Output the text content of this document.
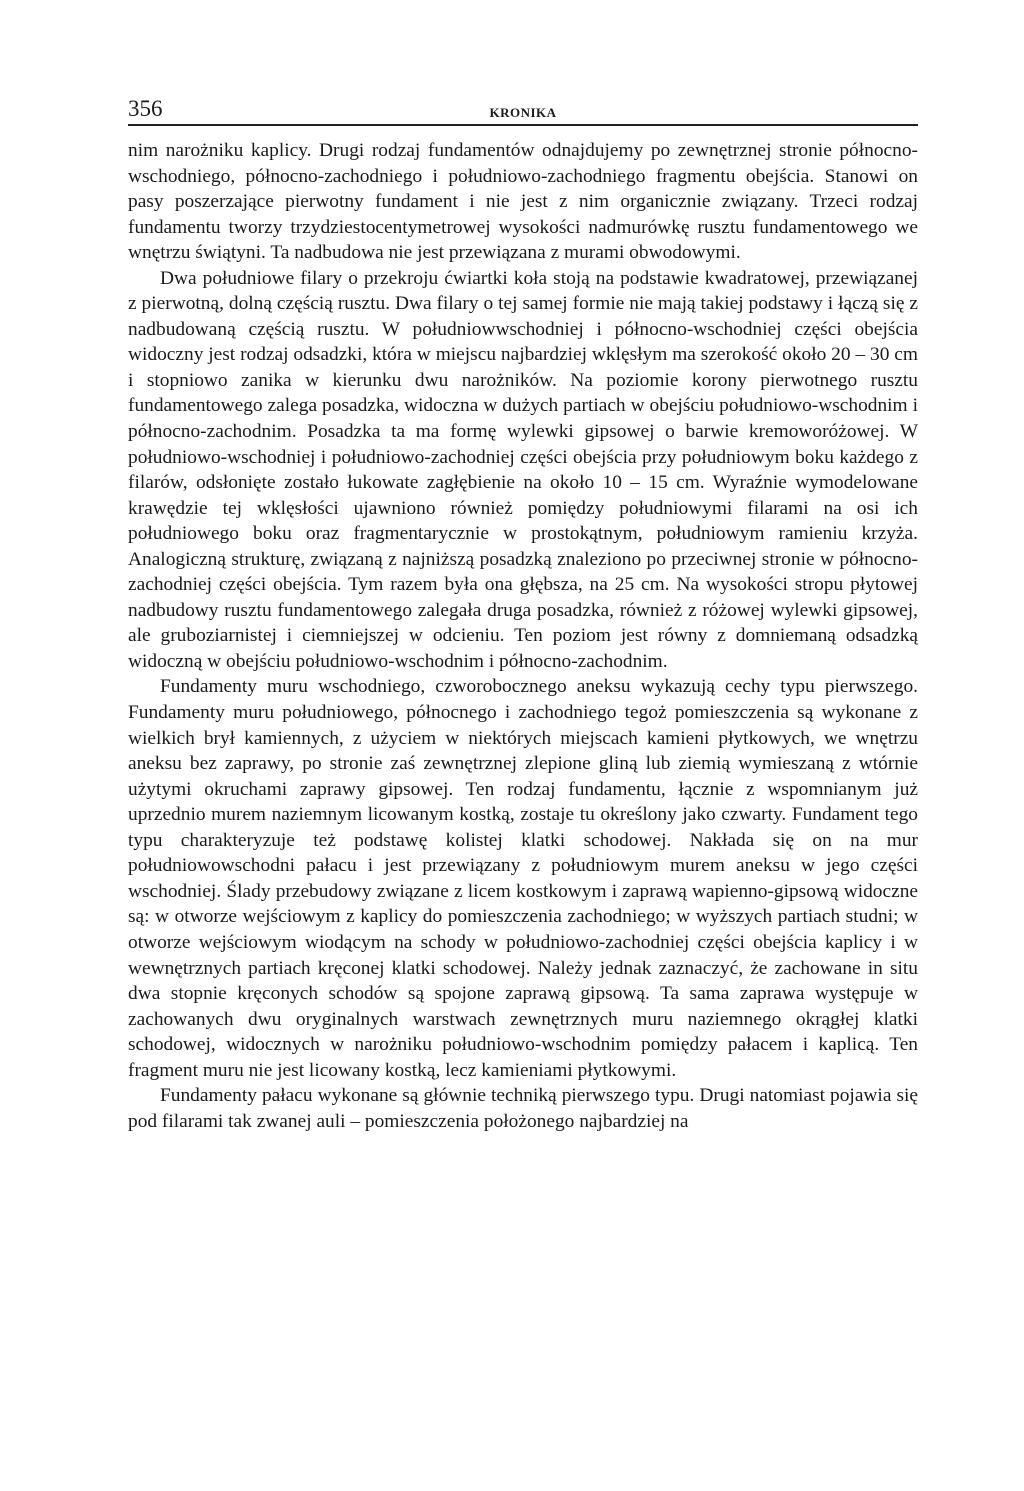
356	KRONIKA

nim narożniku kaplicy. Drugi rodzaj fundamentów odnajdujemy po zewnętrznej stronie północno-wschodniego, północno-zachodniego i południowo-zachodniego fragmentu obejścia. Stanowi on pasy poszerzające pierwotny fundament i nie jest z nim organicznie związany. Trzeci rodzaj fundamentu tworzy trzydziestocentymetrowej wysokości nadmurówkę rusztu fundamentowego we wnętrzu świątyni. Ta nadbudowa nie jest przewiązana z murami obwodowymi.

Dwa południowe filary o przekroju ćwiartki koła stoją na podstawie kwadratowej, przewiązanej z pierwotną, dolną częścią rusztu. Dwa filary o tej samej formie nie mają takiej podstawy i łączą się z nadbudowaną częścią rusztu. W południowwschodniej i północno-wschodniej części obejścia widoczny jest rodzaj odsadzki, która w miejscu najbardziej wklęsłym ma szerokość około 20 – 30 cm i stopniowo zanika w kierunku dwu narożników. Na poziomie korony pierwotnego rusztu fundamentowego zalega posadzka, widoczna w dużych partiach w obejściu południowo-wschodnim i północno-zachodnim. Posadzka ta ma formę wylewki gipsowej o barwie kremoworóżowej. W południowo-wschodniej i południowo-zachodniej części obejścia przy południowym boku każdego z filarów, odsłonięte zostało łukowate zagłębienie na około 10 – 15 cm. Wyraźnie wymodelowane krawędzie tej wklęsłości ujawniono również pomiędzy południowymi filarami na osi ich południowego boku oraz fragmentarycznie w prostokątnym, południowym ramieniu krzyża. Analogiczną strukturę, związaną z najniższą posadzką znaleziono po przeciwnej stronie w północno-zachodniej części obejścia. Tym razem była ona głębsza, na 25 cm. Na wysokości stropu płytowej nadbudowy rusztu fundamentowego zalegała druga posadzka, również z różowej wylewki gipsowej, ale gruboziarnistej i ciemniejszej w odcieniu. Ten poziom jest równy z domniemaną odsadzką widoczną w obejściu południowo-wschodnim i północno-zachodnim.

Fundamenty muru wschodniego, czworobocznego aneksu wykazują cechy typu pierwszego. Fundamenty muru południowego, północnego i zachodniego tegoż pomieszczenia są wykonane z wielkich brył kamiennych, z użyciem w niektórych miejscach kamieni płytkowych, we wnętrzu aneksu bez zaprawy, po stronie zaś zewnętrznej zlepione gliną lub ziemią wymieszaną z wtórnie użytymi okruchami zaprawy gipsowej. Ten rodzaj fundamentu, łącznie z wspomnianym już uprzednio murem naziemnym licowanym kostką, zostaje tu określony jako czwarty. Fundament tego typu charakteryzuje też podstawę kolistej klatki schodowej. Nakłada się on na mur południowowschodni pałacu i jest przewiązany z południowym murem aneksu w jego części wschodniej. Ślady przebudowy związane z licem kostkowym i zaprawą wapienno-gipsową widoczne są: w otworze wejściowym z kaplicy do pomieszczenia zachodniego; w wyższych partiach studni; w otworze wejściowym wiodącym na schody w południowo-zachodniej części obejścia kaplicy i w wewnętrznych partiach kręconej klatki schodowej. Należy jednak zaznaczyć, że zachowane in situ dwa stopnie kręconych schodów są spojone zaprawą gipsową. Ta sama zaprawa występuje w zachowanych dwu oryginalnych warstwach zewnętrznych muru naziemnego okrągłej klatki schodowej, widocznych w narożniku południowo-wschodnim pomiędzy pałacem i kaplicą. Ten fragment muru nie jest licowany kostką, lecz kamieniami płytkowymi.

Fundamenty pałacu wykonane są głównie techniką pierwszego typu. Drugi natomiast pojawia się pod filarami tak zwanej auli – pomieszczenia położonego najbardziej na
